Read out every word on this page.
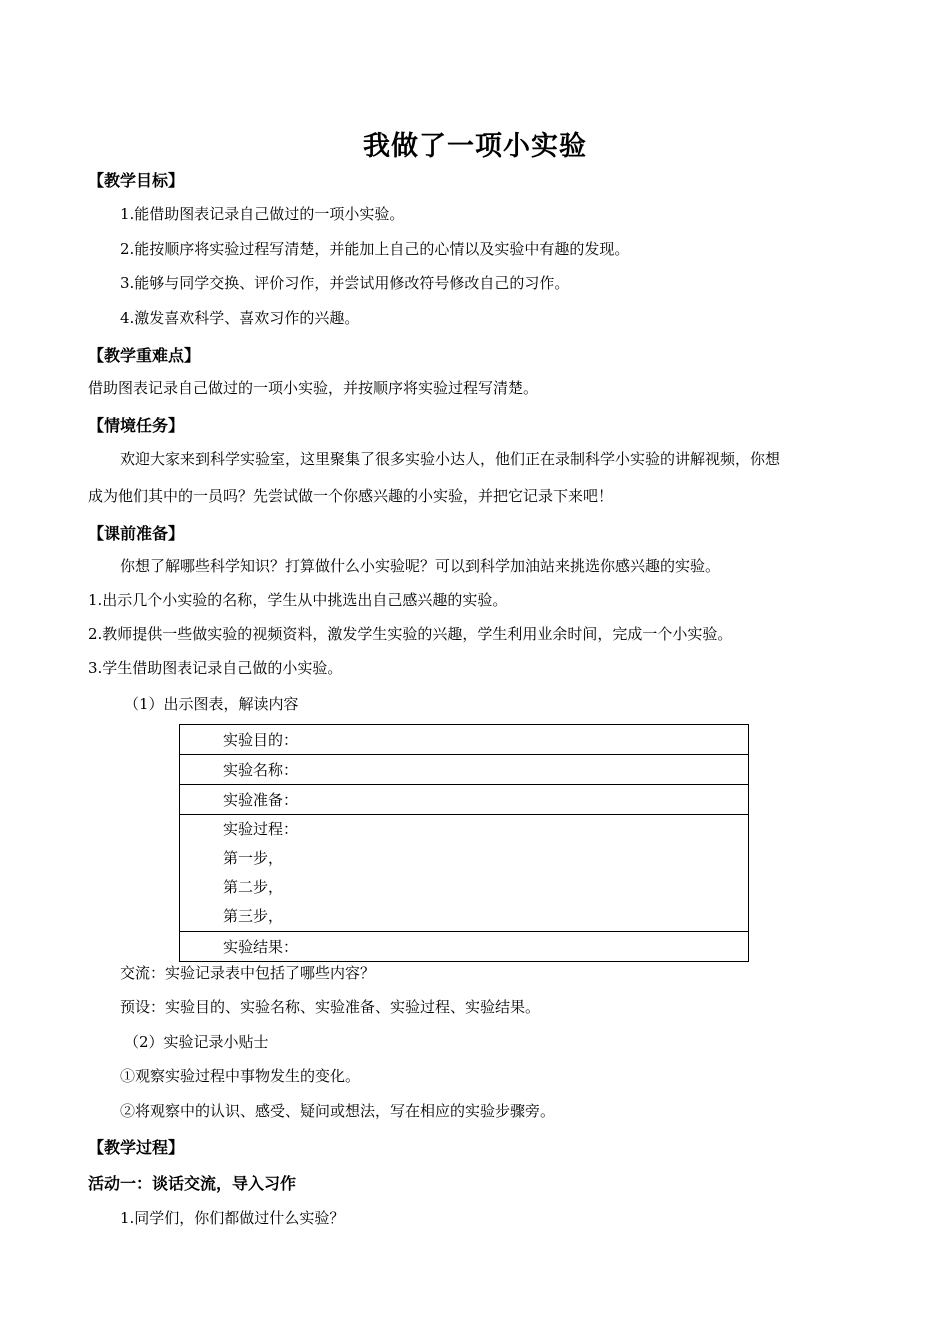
我做了一项小实验
【教学目标】
1.能借助图表记录自己做过的一项小实验。
2.能按顺序将实验过程写清楚，并能加上自己的心情以及实验中有趣的发现。
3.能够与同学交换、评价习作，并尝试用修改符号修改自己的习作。
4.激发喜欢科学、喜欢习作的兴趣。
【教学重难点】
借助图表记录自己做过的一项小实验，并按顺序将实验过程写清楚。
【情境任务】
欢迎大家来到科学实验室，这里聚集了很多实验小达人，他们正在录制科学小实验的讲解视频，你想
成为他们其中的一员吗？先尝试做一个你感兴趣的小实验，并把它记录下来吧！
【课前准备】
你想了解哪些科学知识？打算做什么小实验呢？可以到科学加油站来挑选你感兴趣的实验。
1.出示几个小实验的名称，学生从中挑选出自己感兴趣的实验。
2.教师提供一些做实验的视频资料，激发学生实验的兴趣，学生利用业余时间，完成一个小实验。
3.学生借助图表记录自己做的小实验。
（1）出示图表，解读内容
实验目的：
实验名称：
实验准备：

实验过程：
第一步，
第二步，
第三步，

实验结果：
交流：实验记录表中包括了哪些内容？
预设：实验目的、实验名称、实验准备、实验过程、实验结果。
（2）实验记录小贴士
①观察实验过程中事物发生的变化。
②将观察中的认识、感受、疑问或想法，写在相应的实验步骤旁。
【教学过程】
活动一：谈话交流，导入习作
1.同学们，你们都做过什么实验？
